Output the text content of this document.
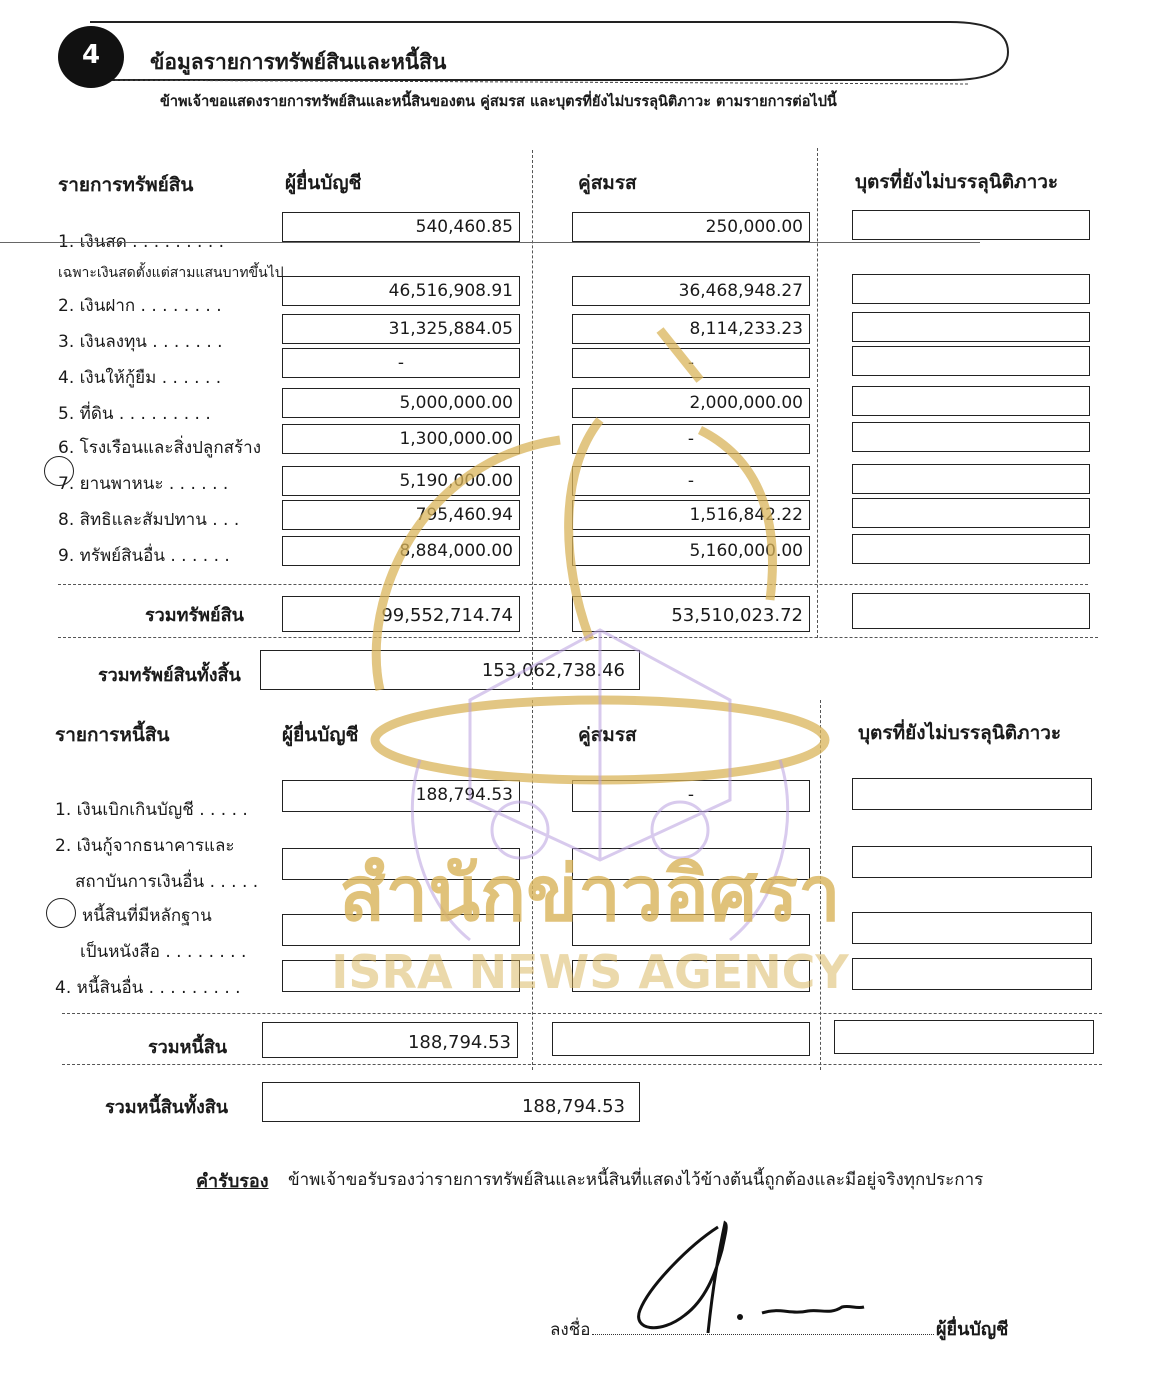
4	ข้อมูลรายการทรัพย์สินและหนี้สิน
ข้าพเจ้าขอแสดงรายการทรัพย์สินและหนี้สินของตน คู่สมรส และบุตรที่ยังไม่บรรลุนิติภาวะ ตามรายการต่อไปนี้
รายการทรัพย์สิน	ผู้ยื่นบัญชี	คู่สมรส	บุตรที่ยังไม่บรรลุนิติภาวะ
1. เงินสด . . . . . . . . .
540,460.85	250,000.00
2. เงินฝาก . . . . . . . .
46,516,908.91	36,468,948.27
3. เงินลงทุน . . . . . . .
31,325,884.05	8,114,233.23
4. เงินให้กู้ยืม . . . . . .
-	-
5. ที่ดิน . . . . . . . . .
5,000,000.00	2,000,000.00
6. โรงเรือนและสิ่งปลูกสร้าง	1,300,000.00	-
7. ยานพาหนะ . . . . . .	5,190,000.00	-
8. สิทธิและสัมปทาน . . .	795,460.94	1,516,842.22
9. ทรัพย์สินอื่น . . . . . .	8,884,000.00	5,160,000.00
เฉพาะเงินสดตั้งแต่สามแสนบาทขึ้นไป
รวมทรัพย์สิน	99,552,714.74	53,510,023.72
รวมทรัพย์สินทั้งสิ้น	153,062,738.46
รายการหนี้สิน	ผู้ยื่นบัญชี	คู่สมรส	บุตรที่ยังไม่บรรลุนิติภาวะ
1. เงินเบิกเกินบัญชี . . . . .
188,794.53	-
2. เงินกู้จากธนาคารและ
สถาบันการเงินอื่น . . . . .
หนี้สินที่มีหลักฐาน
เป็นหนังสือ . . . . . . . .
4. หนี้สินอื่น . . . . . . . . .
รวมหนี้สิน	188,794.53
รวมหนี้สินทั้งสิน	188,794.53
คำรับรอง ข้าพเจ้าขอรับรองว่ารายการทรัพย์สินและหนี้สินที่แสดงไว้ข้างต้นนี้ถูกต้องและมีอยู่จริงทุกประการ
ลงชื่อ	ผู้ยื่นบัญชี
สำนักข่าวอิศรา
ISRA NEWS AGENCY
